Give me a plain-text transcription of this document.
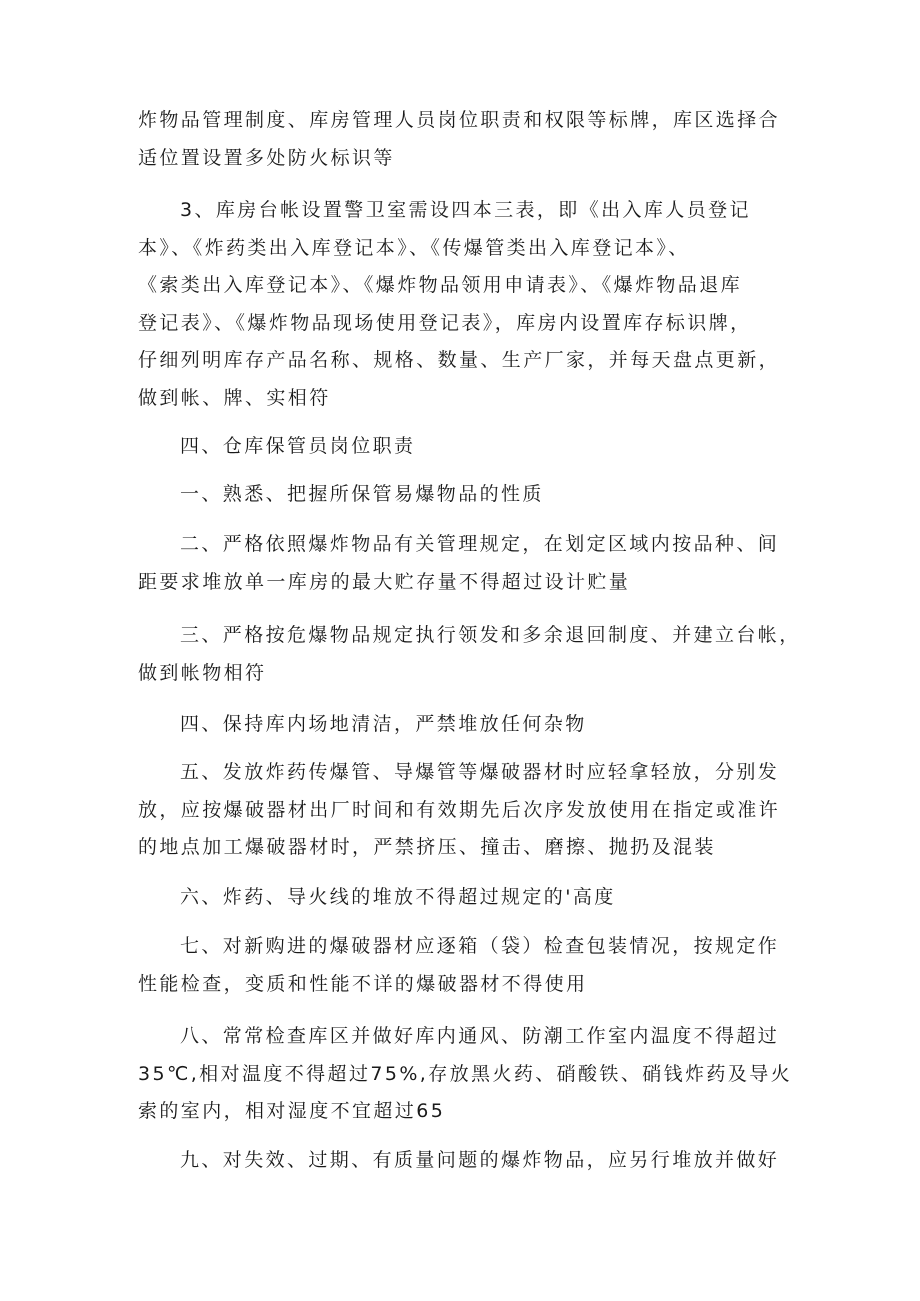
炸物品管理制度、库房管理人员岗位职责和权限等标牌，库区选择合
适位置设置多处防火标识等
3、库房台帐设置警卫室需设四本三表，即《出入库人员登记
本》、《炸药类出入库登记本》、《传爆管类出入库登记本》、
《索类出入库登记本》、《爆炸物品领用申请表》、《爆炸物品退库
登记表》、《爆炸物品现场使用登记表》，库房内设置库存标识牌，
仔细列明库存产品名称、规格、数量、生产厂家，并每天盘点更新，
做到帐、牌、实相符
四、仓库保管员岗位职责
一、熟悉、把握所保管易爆物品的性质
二、严格依照爆炸物品有关管理规定，在划定区域内按品种、间
距要求堆放单一库房的最大贮存量不得超过设计贮量
三、严格按危爆物品规定执行领发和多余退回制度、并建立台帐，
做到帐物相符
四、保持库内场地清洁，严禁堆放任何杂物
五、发放炸药传爆管、导爆管等爆破器材时应轻拿轻放，分别发
放，应按爆破器材出厂时间和有效期先后次序发放使用在指定或准许
的地点加工爆破器材时，严禁挤压、撞击、磨擦、抛扔及混装
六、炸药、导火线的堆放不得超过规定的'高度
七、对新购进的爆破器材应逐箱（袋）检查包装情况，按规定作
性能检查，变质和性能不详的爆破器材不得使用
八、常常检查库区并做好库内通风、防潮工作室内温度不得超过
35℃,相对温度不得超过75%,存放黑火药、硝酸铁、硝钱炸药及导火
索的室内，相对湿度不宜超过65
九、对失效、过期、有质量问题的爆炸物品，应另行堆放并做好
